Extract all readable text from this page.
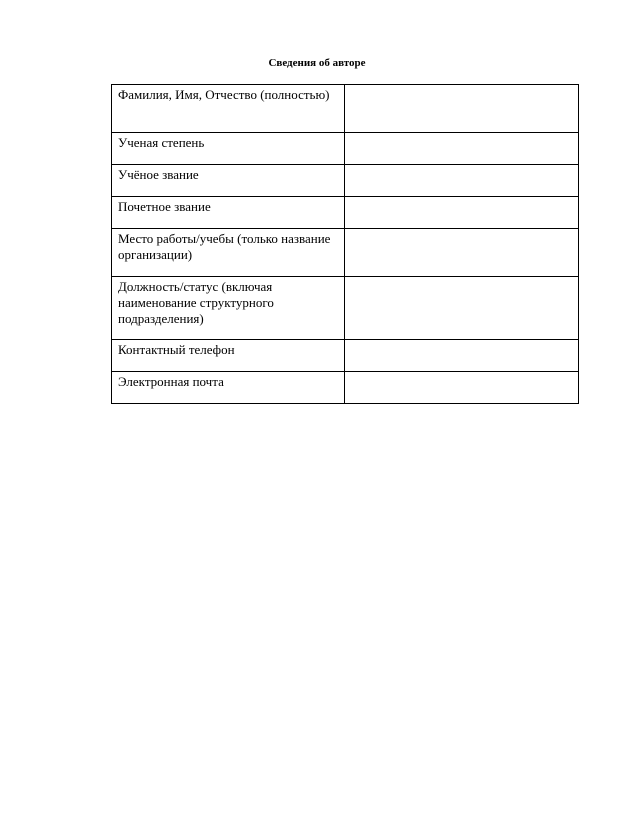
Сведения об авторе
Фамилия, Имя, Отчество (полностью)	
Ученая степень	
Учёное звание	
Почетное звание	
Место работы/учебы (только название организации)	
Должность/статус (включая наименование структурного подразделения)	
Контактный телефон	
Электронная почта	
